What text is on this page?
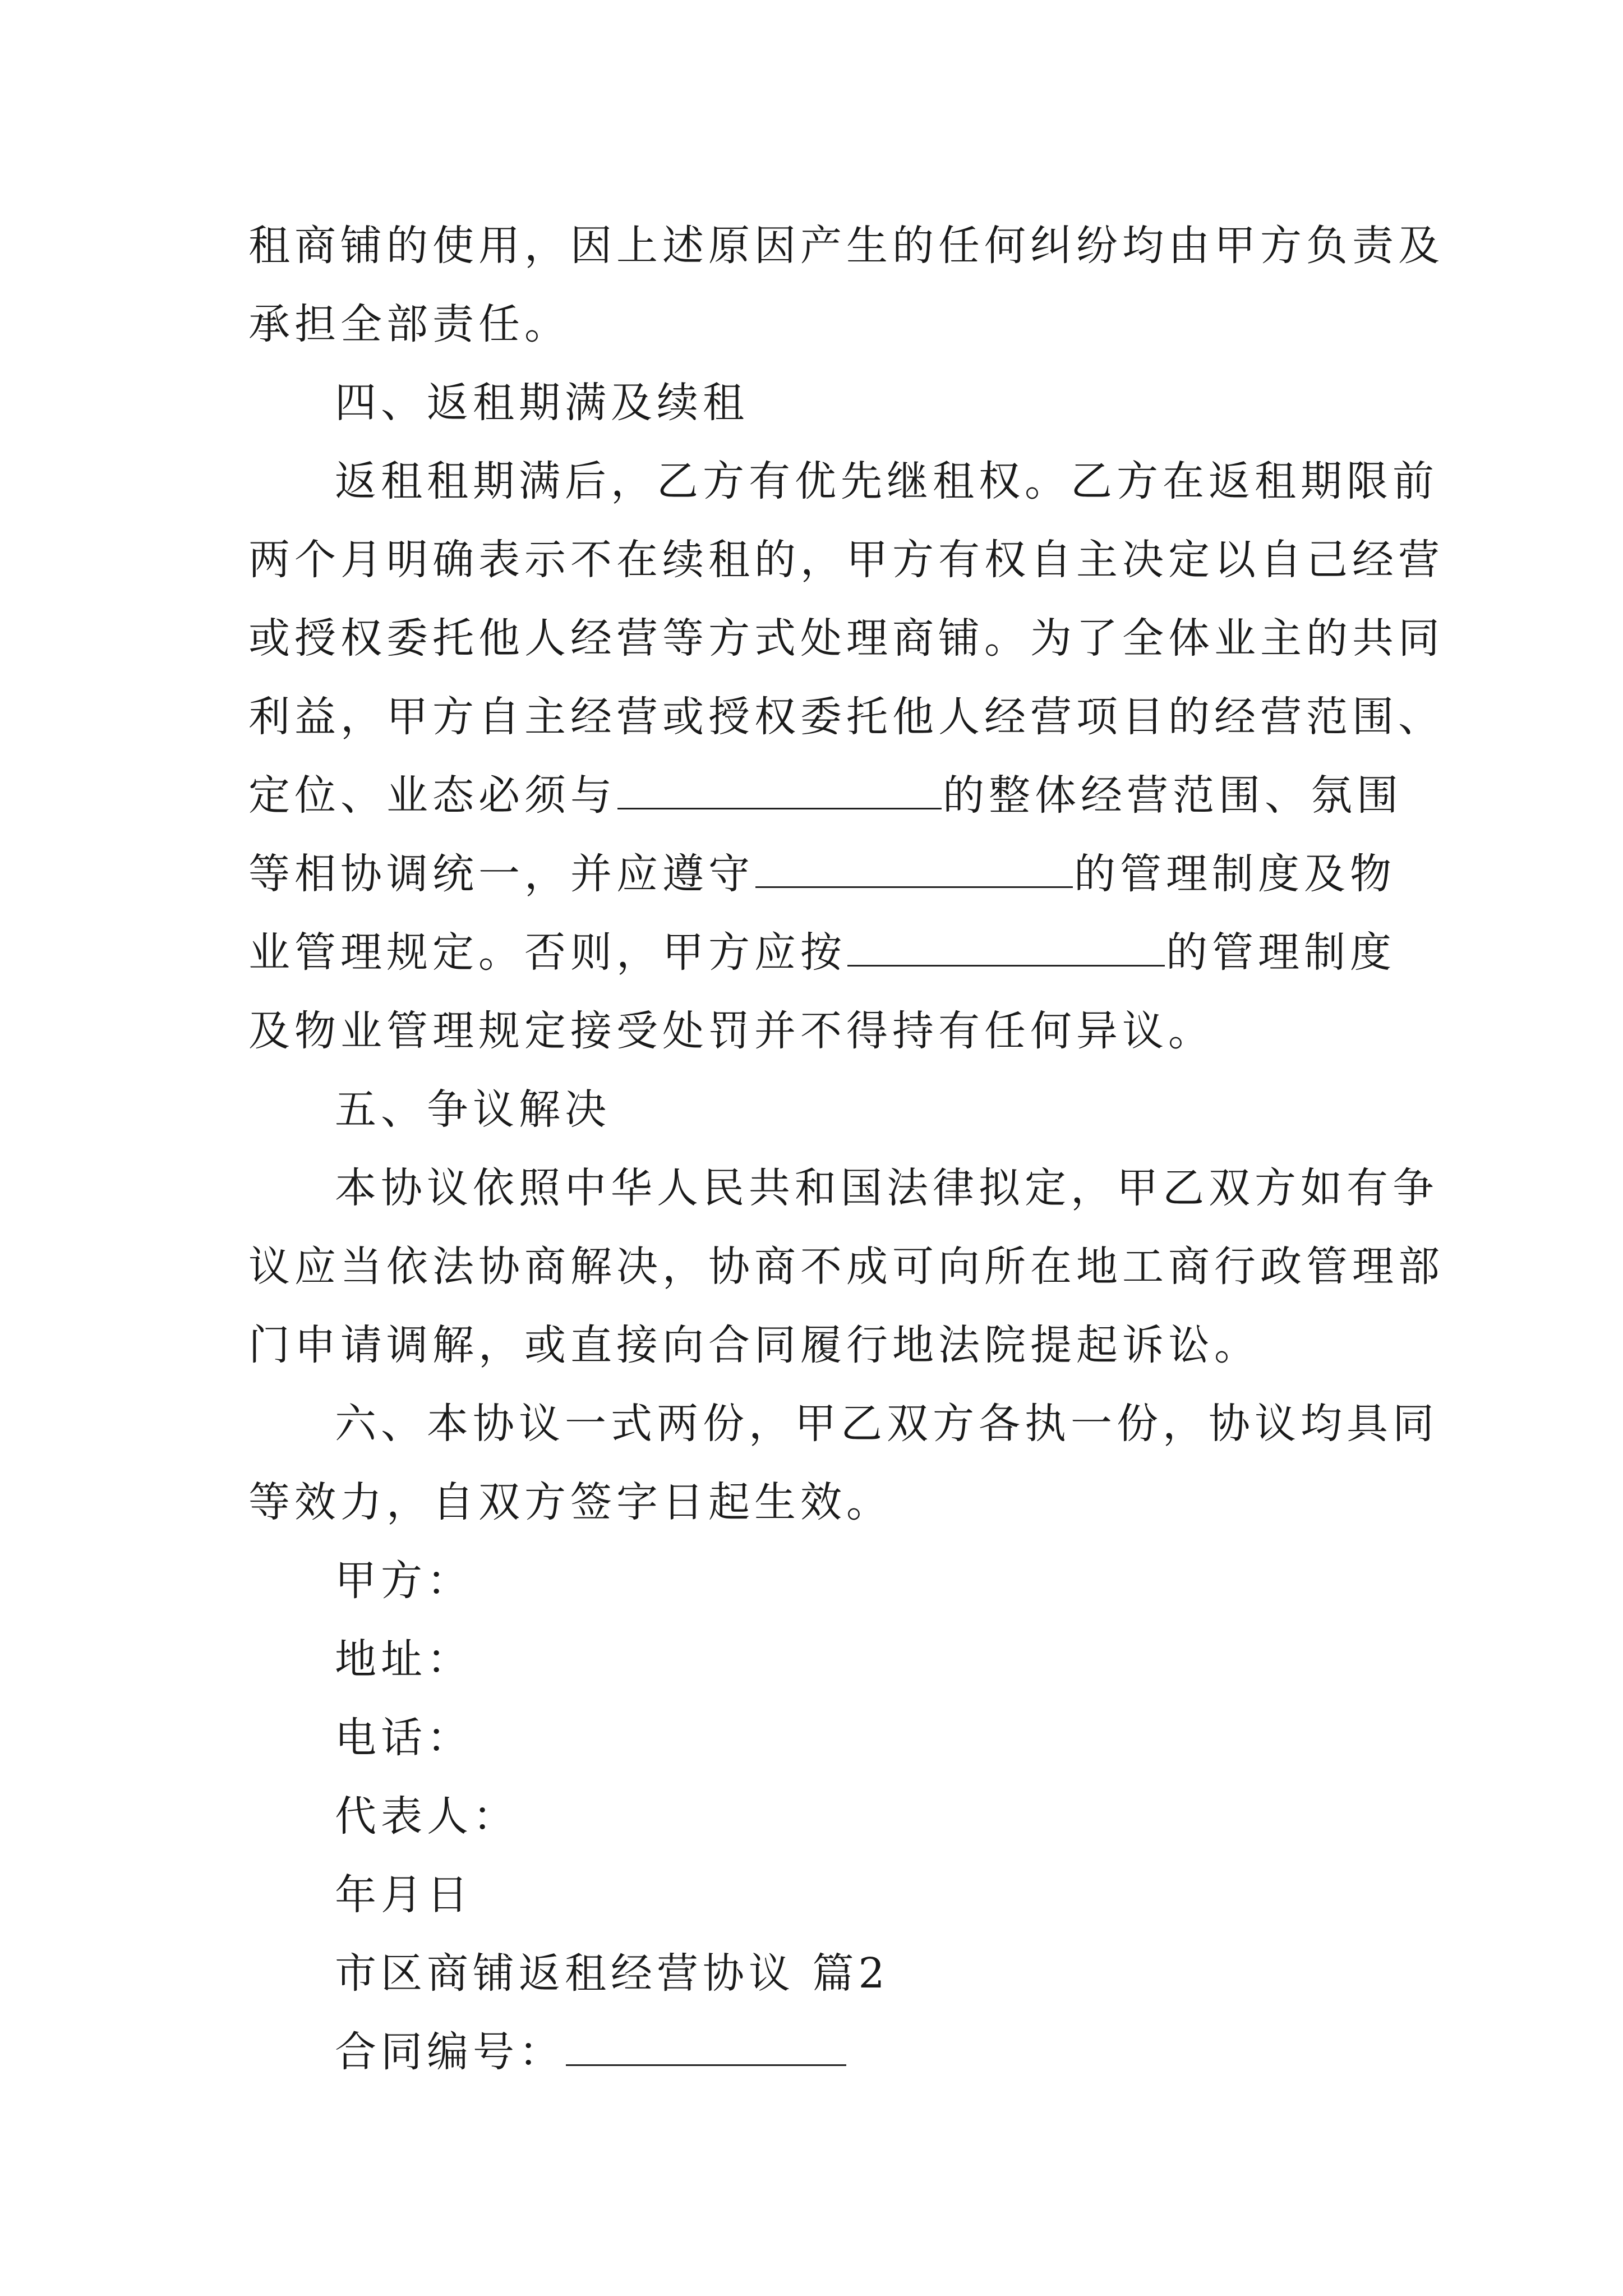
租商铺的使用，因上述原因产生的任何纠纷均由甲方负责及
承担全部责任。
四、返租期满及续租
返租租期满后，乙方有优先继租权。乙方在返租期限前
两个月明确表示不在续租的，甲方有权自主决定以自己经营
或授权委托他人经营等方式处理商铺。为了全体业主的共同
利益，甲方自主经营或授权委托他人经营项目的经营范围、
定位、业态必须与	的整体经营范围、氛围
等相协调统一，并应遵守	的管理制度及物
业管理规定。否则，甲方应按	的管理制度
及物业管理规定接受处罚并不得持有任何异议。
五、争议解决
本协议依照中华人民共和国法律拟定，甲乙双方如有争
议应当依法协商解决，协商不成可向所在地工商行政管理部
门申请调解，或直接向合同履行地法院提起诉讼。
六、本协议一式两份，甲乙双方各执一份，协议均具同
等效力，自双方签字日起生效。
甲方：
地址：
电话：
代表人：
年月日
市区商铺返租经营协议 篇2
合同编号：
